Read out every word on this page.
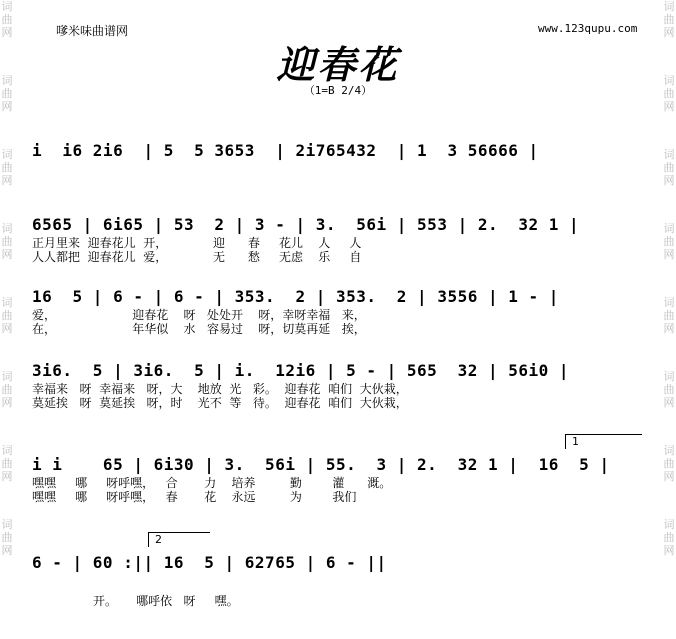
词
曲
网
词
曲
网
词
曲
网
词
曲
网
词
曲
网
词
曲
网
词
曲
网
词
曲
网
词
曲
网
词
曲
网
词
曲
网
词
曲
网
词
曲
网
词
曲
网
词
曲
网
词
曲
网
嗲米味曲谱网	www.123qupu.com
迎春花
（1=B 2/4）
i  i6 2i6  | 5  5 3653  | 2i765432  | 1  3 56666 |
6565 | 6i65 | 53  2 | 3 - | 3.  56i | 553 | 2.  32 1 |
正月里来  迎春花儿  开，            迎      春     花儿    人     人
人人都把  迎春花儿  爱，            无      愁     无虑    乐     自
16  5 | 6 - | 6 - | 353.  2 | 353.  2 | 3556 | 1 - |
爱，                    迎春花    呀   处处开    呀，幸呀幸福   来，
在，                    年华似    水   容易过    呀，切莫再延   挨，
3i6.  5 | 3i6.  5 | i.  12i6 | 5 - | 565  32 | 56i0 |
幸福来   呀  幸福来   呀，大    地放  光   彩。  迎春花  咱们  大伙栽，
莫延挨   呀  莫延挨   呀，时    光不  等   待。  迎春花  咱们  大伙栽，
1
i i    65 | 6i30 | 3.  56i | 55.  3 | 2.  32 1 |  16  5 |
嘿嘿     哪     呀呼嘿，   合       力    培养         勤        灌      溉。
嘿嘿     哪     呀呼嘿，   春       花    永远         为        我们
2
6 - | 60 :|| 16  5 | 62765 | 6 - ||
开。     哪呼依   呀     嘿。
